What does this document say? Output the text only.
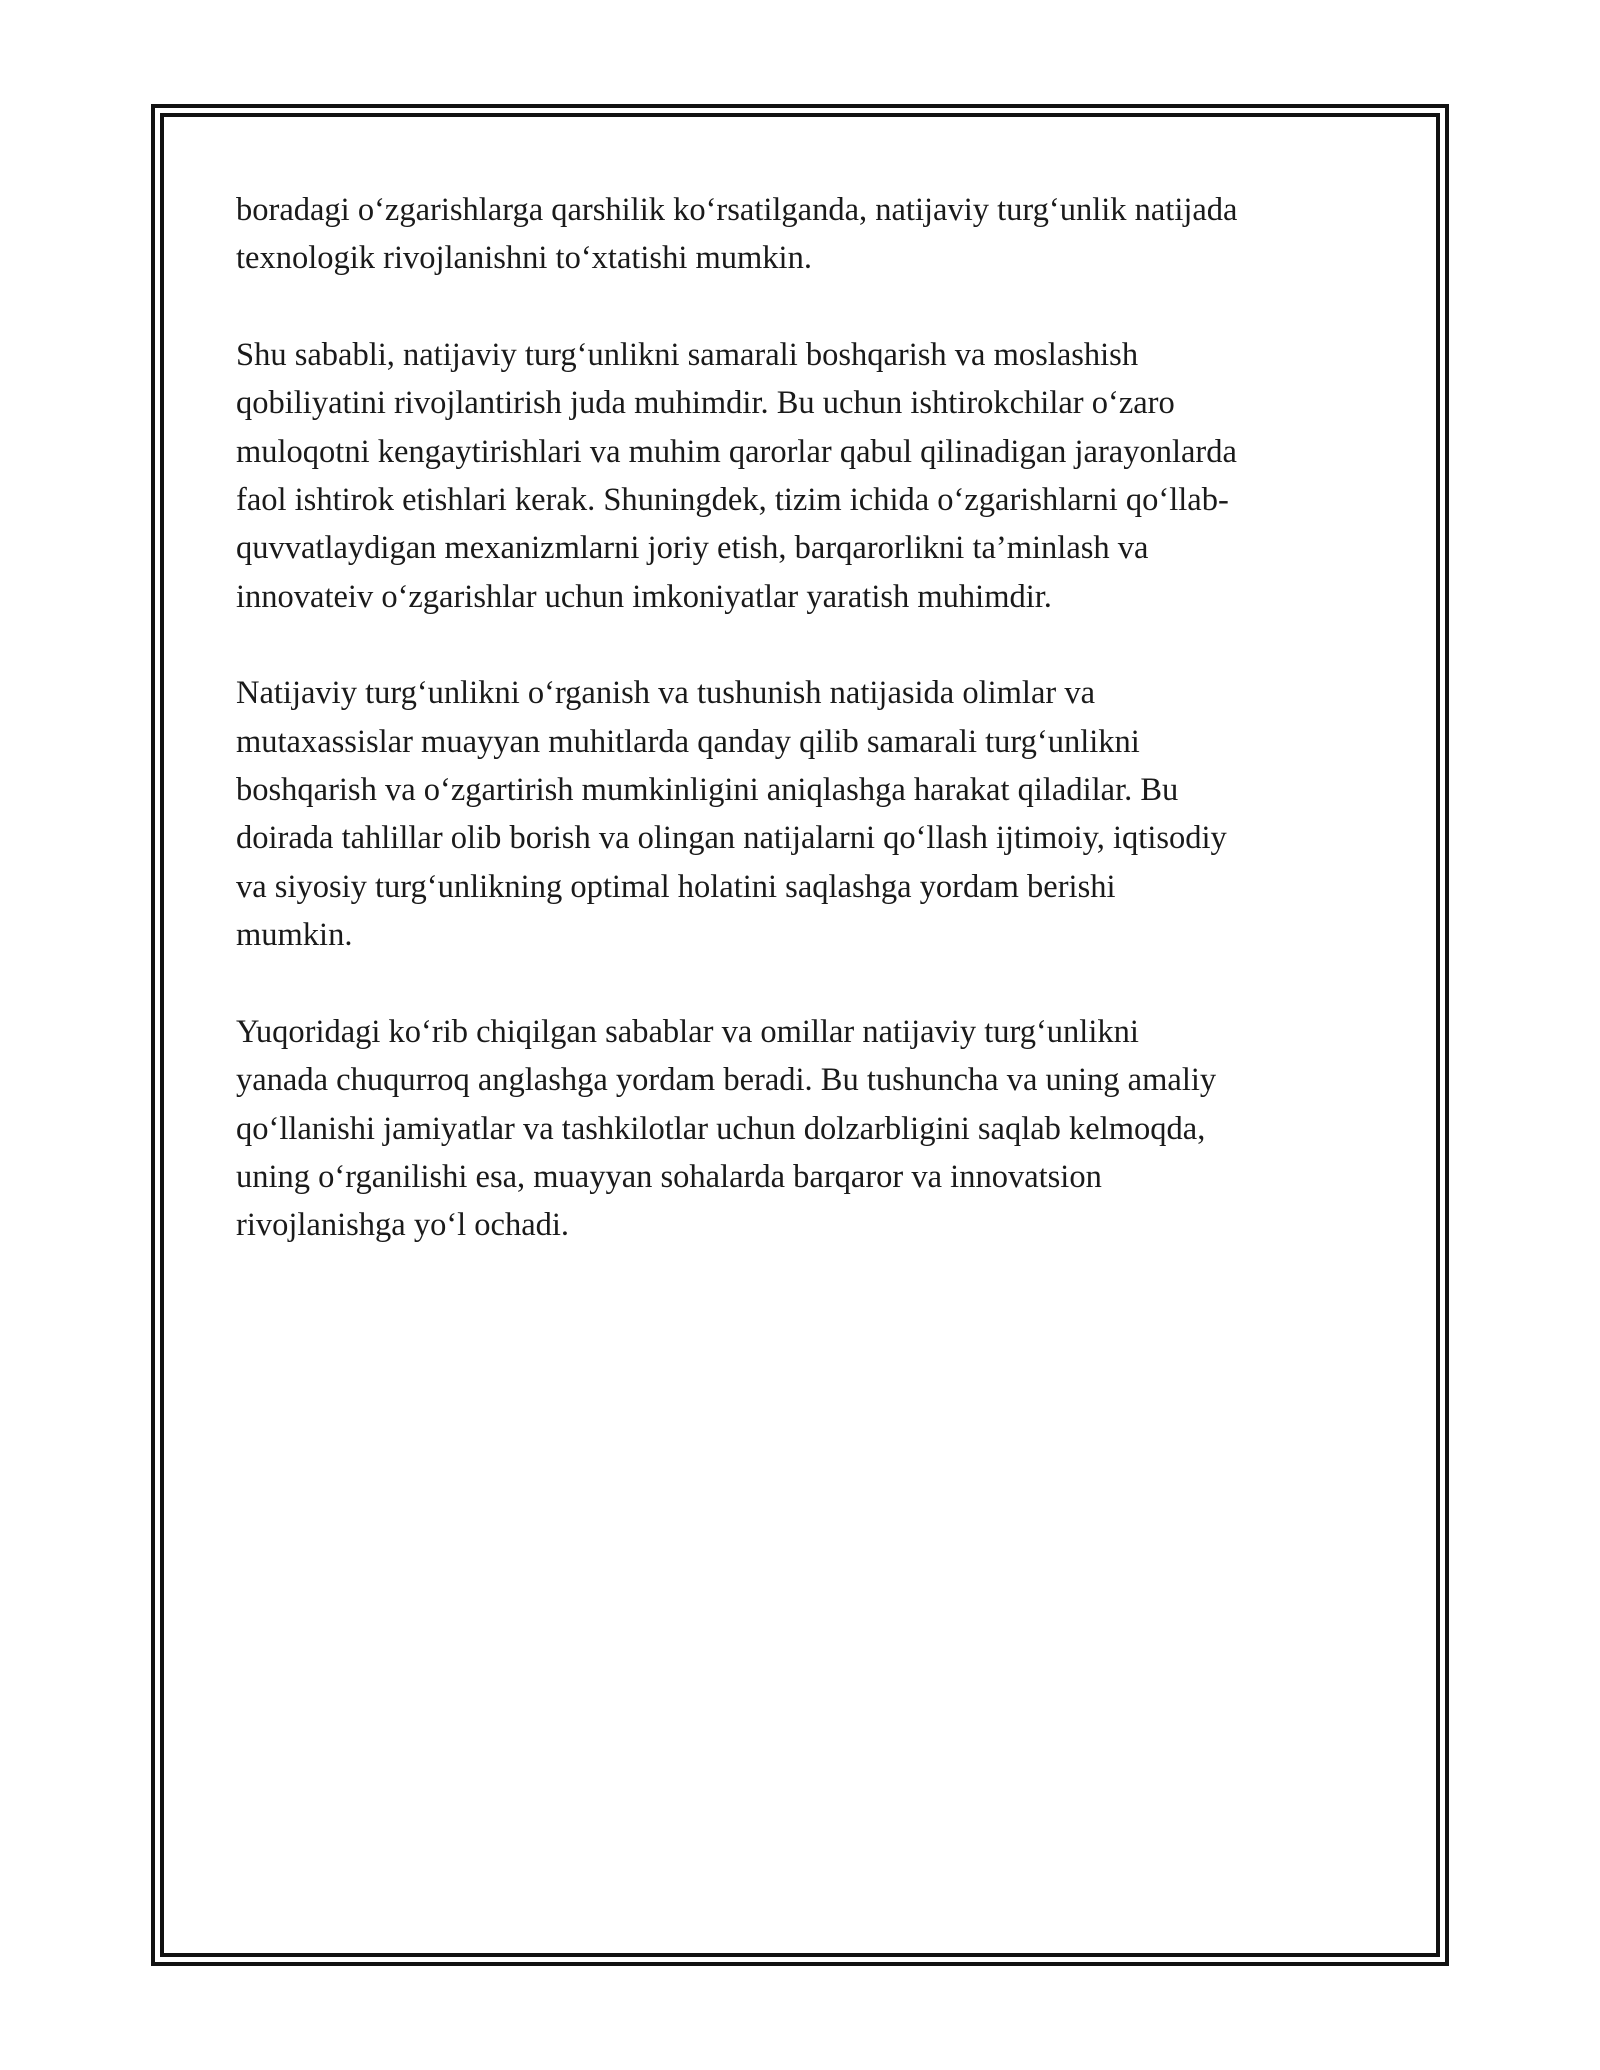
boradagi o‘zgarishlarga qarshilik ko‘rsatilganda, natijaviy turg‘unlik natijada
texnologik rivojlanishni to‘xtatishi mumkin.

Shu sababli, natijaviy turg‘unlikni samarali boshqarish va moslashish
qobiliyatini rivojlantirish juda muhimdir. Bu uchun ishtirokchilar o‘zaro
muloqotni kengaytirishlari va muhim qarorlar qabul qilinadigan jarayonlarda
faol ishtirok etishlari kerak. Shuningdek, tizim ichida o‘zgarishlarni qo‘llab-
quvvatlaydigan mexanizmlarni joriy etish, barqarorlikni ta’minlash va
innovateiv o‘zgarishlar uchun imkoniyatlar yaratish muhimdir.

Natijaviy turg‘unlikni o‘rganish va tushunish natijasida olimlar va
mutaxassislar muayyan muhitlarda qanday qilib samarali turg‘unlikni
boshqarish va o‘zgartirish mumkinligini aniqlashga harakat qiladilar. Bu
doirada tahlillar olib borish va olingan natijalarni qo‘llash ijtimoiy, iqtisodiy
va siyosiy turg‘unlikning optimal holatini saqlashga yordam berishi
mumkin.

Yuqoridagi ko‘rib chiqilgan sabablar va omillar natijaviy turg‘unlikni
yanada chuqurroq anglashga yordam beradi. Bu tushuncha va uning amaliy
qo‘llanishi jamiyatlar va tashkilotlar uchun dolzarbligini saqlab kelmoqda,
uning o‘rganilishi esa, muayyan sohalarda barqaror va innovatsion
rivojlanishga yo‘l ochadi.
